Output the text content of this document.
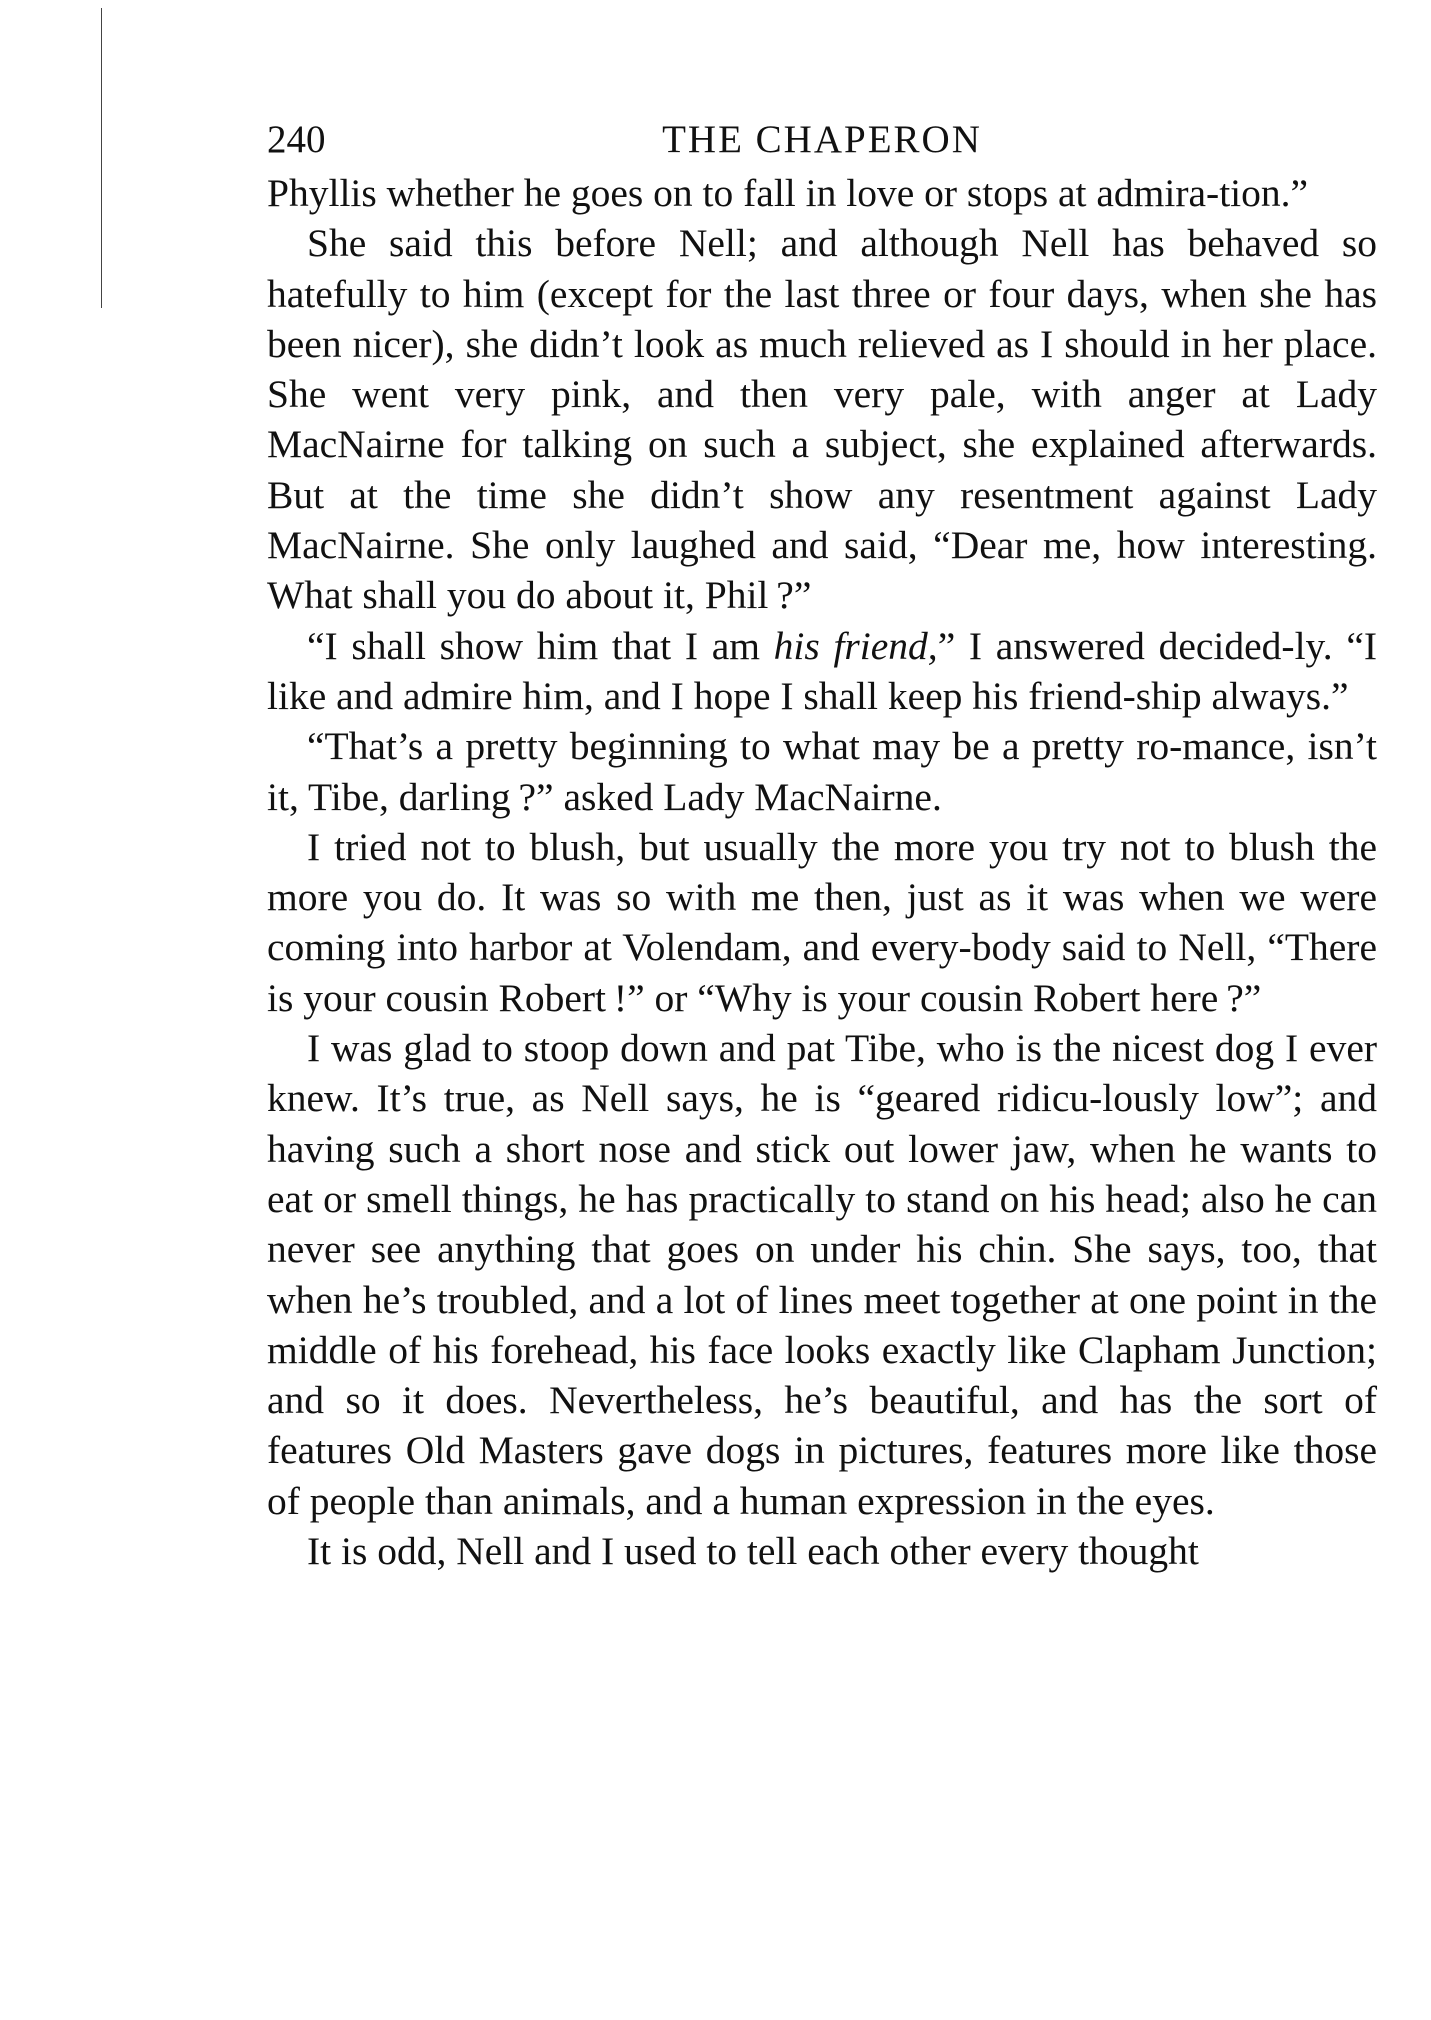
240	THE CHAPERON

Phyllis whether he goes on to fall in love or stops at admira-tion.”

She said this before Nell; and although Nell has behaved so hatefully to him (except for the last three or four days, when she has been nicer), she didn’t look as much relieved as I should in her place. She went very pink, and then very pale, with anger at Lady MacNairne for talking on such a subject, she explained afterwards. But at the time she didn’t show any resentment against Lady MacNairne. She only laughed and said, “Dear me, how interesting. What shall you do about it, Phil ?”

“I shall show him that I am his friend,” I answered decided-ly. “I like and admire him, and I hope I shall keep his friend-ship always.”

“That’s a pretty beginning to what may be a pretty ro-mance, isn’t it, Tibe, darling ?” asked Lady MacNairne.

I tried not to blush, but usually the more you try not to blush the more you do. It was so with me then, just as it was when we were coming into harbor at Volendam, and every-body said to Nell, “There is your cousin Robert !” or “Why is your cousin Robert here ?”

I was glad to stoop down and pat Tibe, who is the nicest dog I ever knew. It’s true, as Nell says, he is “geared ridicu-lously low”; and having such a short nose and stick out lower jaw, when he wants to eat or smell things, he has practically to stand on his head; also he can never see anything that goes on under his chin. She says, too, that when he’s troubled, and a lot of lines meet together at one point in the middle of his forehead, his face looks exactly like Clapham Junction; and so it does. Nevertheless, he’s beautiful, and has the sort of features Old Masters gave dogs in pictures, features more like those of people than animals, and a human expression in the eyes.

It is odd, Nell and I used to tell each other every thought
